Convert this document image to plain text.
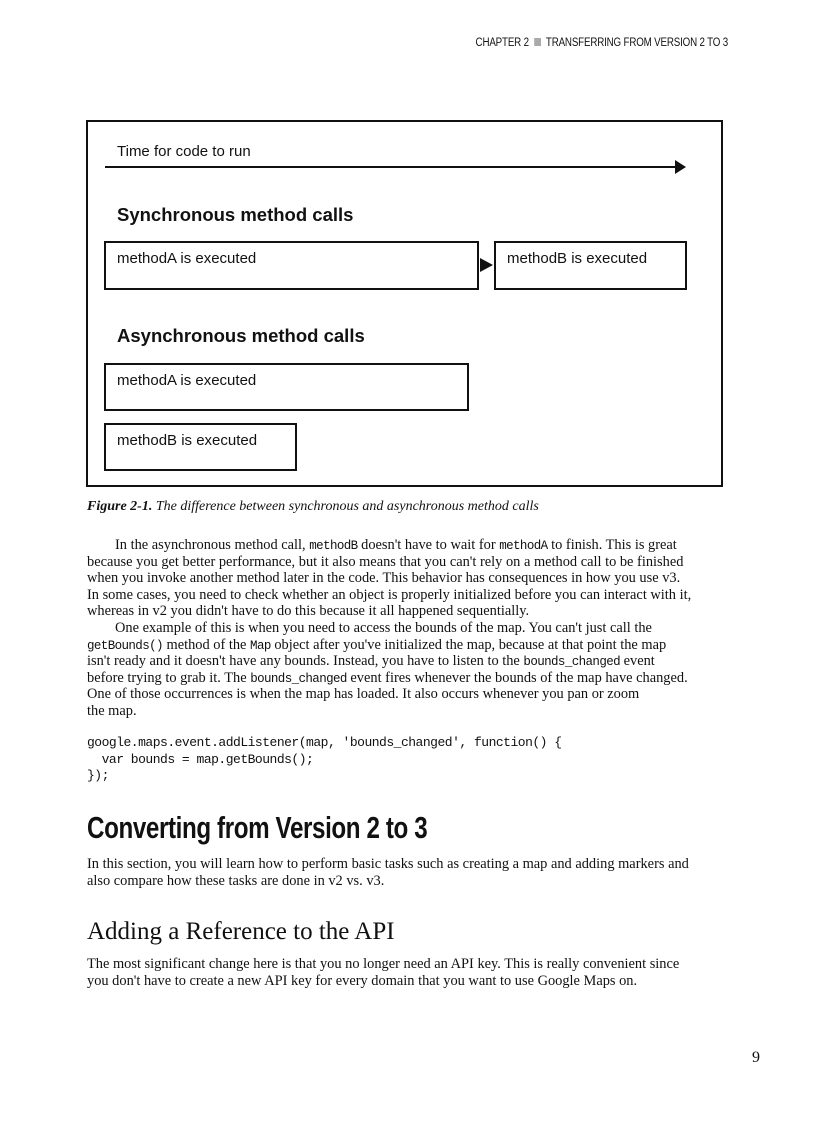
CHAPTER 2 TRANSFERRING FROM VERSION 2 TO 3
Time for code to run
Synchronous method calls
methodA is executed	methodB is executed
Asynchronous method calls
methodA is executed
methodB is executed
Figure 2-1. The difference between synchronous and asynchronous method calls
In the asynchronous method call, methodB doesn't have to wait for methodA to finish. This is great
because you get better performance, but it also means that you can't rely on a method call to be finished
when you invoke another method later in the code. This behavior has consequences in how you use v3.
In some cases, you need to check whether an object is properly initialized before you can interact with it,
whereas in v2 you didn't have to do this because it all happened sequentially.
One example of this is when you need to access the bounds of the map. You can't just call the
getBounds() method of the Map object after you've initialized the map, because at that point the map
isn't ready and it doesn't have any bounds. Instead, you have to listen to the bounds_changed event
before trying to grab it. The bounds_changed event fires whenever the bounds of the map have changed.
One of those occurrences is when the map has loaded. It also occurs whenever you pan or zoom
the map.
google.maps.event.addListener(map, 'bounds_changed', function() {
var bounds = map.getBounds();
});
Converting from Version 2 to 3
In this section, you will learn how to perform basic tasks such as creating a map and adding markers and
also compare how these tasks are done in v2 vs. v3.
Adding a Reference to the API
The most significant change here is that you no longer need an API key. This is really convenient since
you don't have to create a new API key for every domain that you want to use Google Maps on.
9
